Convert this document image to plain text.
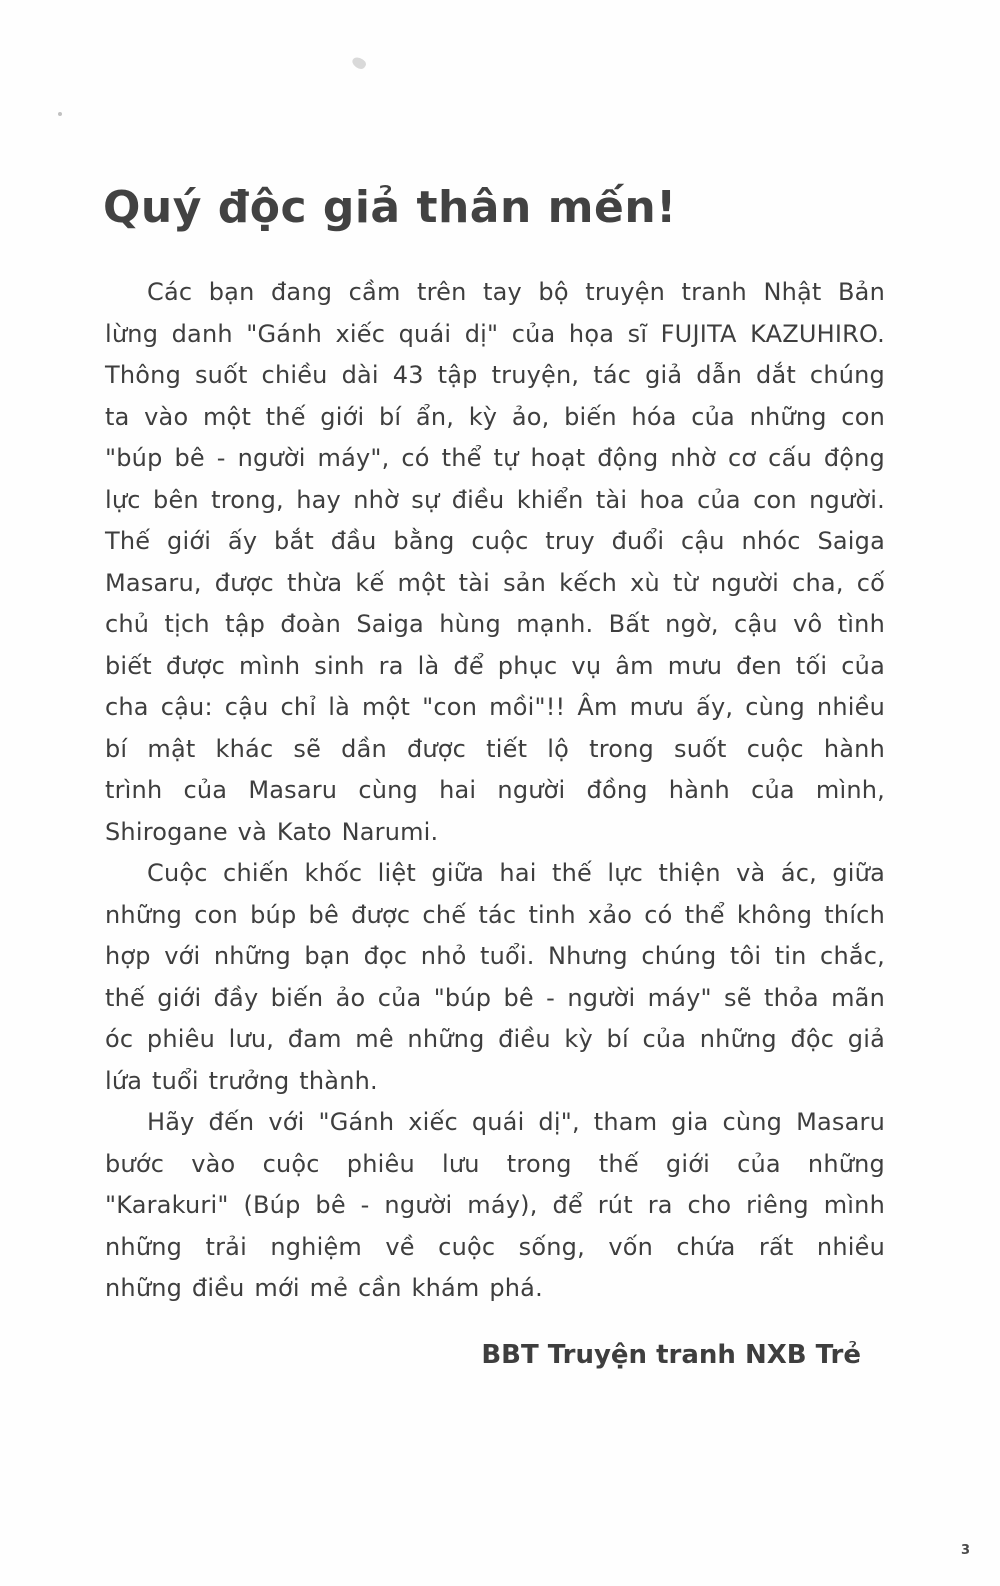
Quý độc giả thân mến!
Các bạn đang cầm trên tay bộ truyện tranh Nhật Bản
lừng danh "Gánh xiếc quái dị" của họa sĩ FUJITA KAZUHIRO.
Thông suốt chiều dài 43 tập truyện, tác giả dẫn dắt chúng
ta vào một thế giới bí ẩn, kỳ ảo, biến hóa của những con
"búp bê - người máy", có thể tự hoạt động nhờ cơ cấu động
lực bên trong, hay nhờ sự điều khiển tài hoa của con người.
Thế giới ấy bắt đầu bằng cuộc truy đuổi cậu nhóc Saiga
Masaru, được thừa kế một tài sản kếch xù từ người cha, cố
chủ tịch tập đoàn Saiga hùng mạnh. Bất ngờ, cậu vô tình
biết được mình sinh ra là để phục vụ âm mưu đen tối của
cha cậu: cậu chỉ là một "con mồi"!! Âm mưu ấy, cùng nhiều
bí mật khác sẽ dần được tiết lộ trong suốt cuộc hành
trình của Masaru cùng hai người đồng hành của mình,
Shirogane và Kato Narumi.
Cuộc chiến khốc liệt giữa hai thế lực thiện và ác, giữa
những con búp bê được chế tác tinh xảo có thể không thích
hợp với những bạn đọc nhỏ tuổi. Nhưng chúng tôi tin chắc,
thế giới đầy biến ảo của "búp bê - người máy" sẽ thỏa mãn
óc phiêu lưu, đam mê những điều kỳ bí của những độc giả
lứa tuổi trưởng thành.
Hãy đến với "Gánh xiếc quái dị", tham gia cùng Masaru
bước vào cuộc phiêu lưu trong thế giới của những
"Karakuri" (Búp bê - người máy), để rút ra cho riêng mình
những trải nghiệm về cuộc sống, vốn chứa rất nhiều
những điều mới mẻ cần khám phá.
BBT Truyện tranh NXB Trẻ
3
